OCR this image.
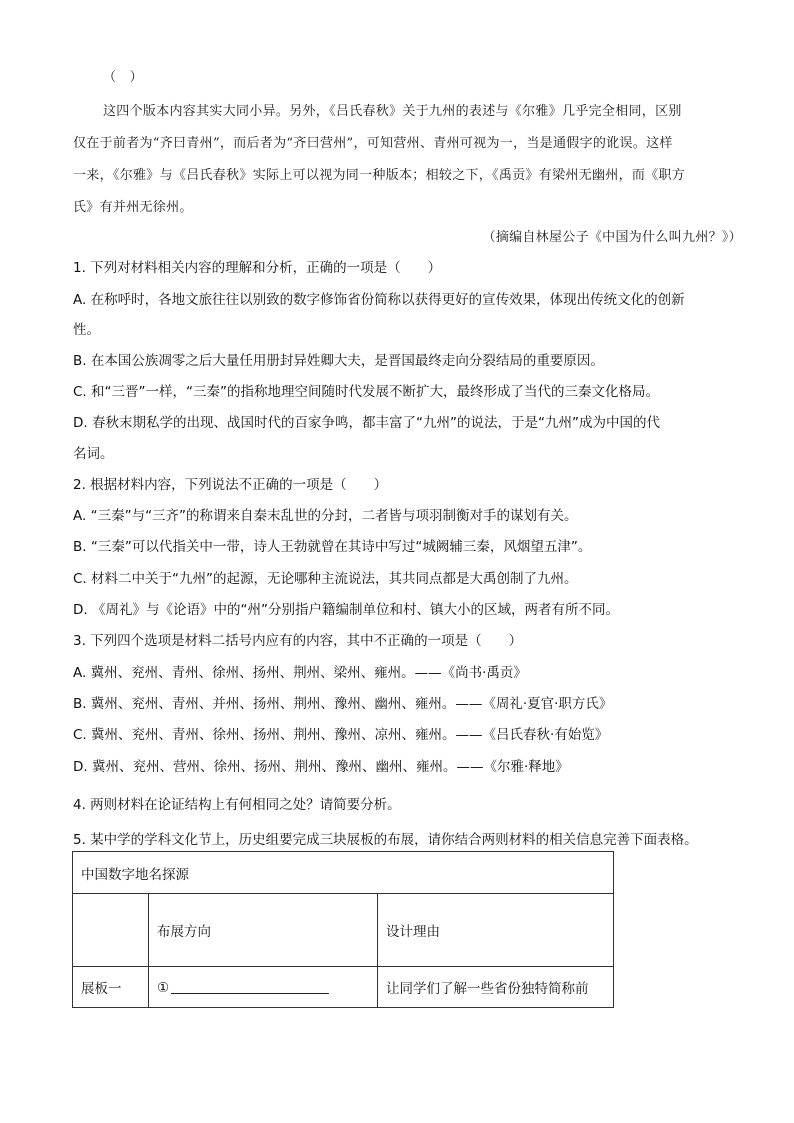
（　）
这四个版本内容其实大同小异。另外，《吕氏春秋》关于九州的表述与《尔雅》几乎完全相同，区别
仅在于前者为“齐曰青州”，而后者为“齐曰营州”，可知营州、青州可视为一，当是通假字的讹误。这样
一来，《尔雅》与《吕氏春秋》实际上可以视为同一种版本；相较之下，《禹贡》有梁州无幽州，而《职方
氏》有并州无徐州。
（摘编自林屋公子《中国为什么叫九州？》）
1. 下列对材料相关内容的理解和分析，正确的一项是（　　）
A. 在称呼时，各地文旅往往以别致的数字修饰省份简称以获得更好的宣传效果，体现出传统文化的创新
性。
B. 在本国公族凋零之后大量任用册封异姓卿大夫，是晋国最终走向分裂结局的重要原因。
C. 和“三晋”一样，“三秦”的指称地理空间随时代发展不断扩大，最终形成了当代的三秦文化格局。
D. 春秋末期私学的出现、战国时代的百家争鸣，都丰富了“九州”的说法，于是“九州”成为中国的代
名词。
2. 根据材料内容，下列说法不正确的一项是（　　）
A. “三秦”与“三齐”的称谓来自秦末乱世的分封，二者皆与项羽制衡对手的谋划有关。
B. “三秦”可以代指关中一带，诗人王勃就曾在其诗中写过“城阙辅三秦，风烟望五津”。
C. 材料二中关于“九州”的起源，无论哪种主流说法，其共同点都是大禹创制了九州。
D. 《周礼》与《论语》中的“州”分别指户籍编制单位和村、镇大小的区域，两者有所不同。
3. 下列四个选项是材料二括号内应有的内容，其中不正确的一项是（　　）
A. 冀州、兖州、青州、徐州、扬州、荆州、梁州、雍州。——《尚书·禹贡》
B. 冀州、兖州、青州、并州、扬州、荆州、豫州、幽州、雍州。——《周礼·夏官·职方氏》
C. 冀州、兖州、青州、徐州、扬州、荆州、豫州、凉州、雍州。——《吕氏春秋·有始览》
D. 冀州、兖州、营州、徐州、扬州、荆州、豫州、幽州、雍州。——《尔雅·释地》
4. 两则材料在论证结构上有何相同之处？请简要分析。
5. 某中学的学科文化节上，历史组要完成三块展板的布展，请你结合两则材料的相关信息完善下面表格。
中国数字地名探源		
	布展方向	设计理由
展板一	①	让同学们了解一些省份独特简称前
